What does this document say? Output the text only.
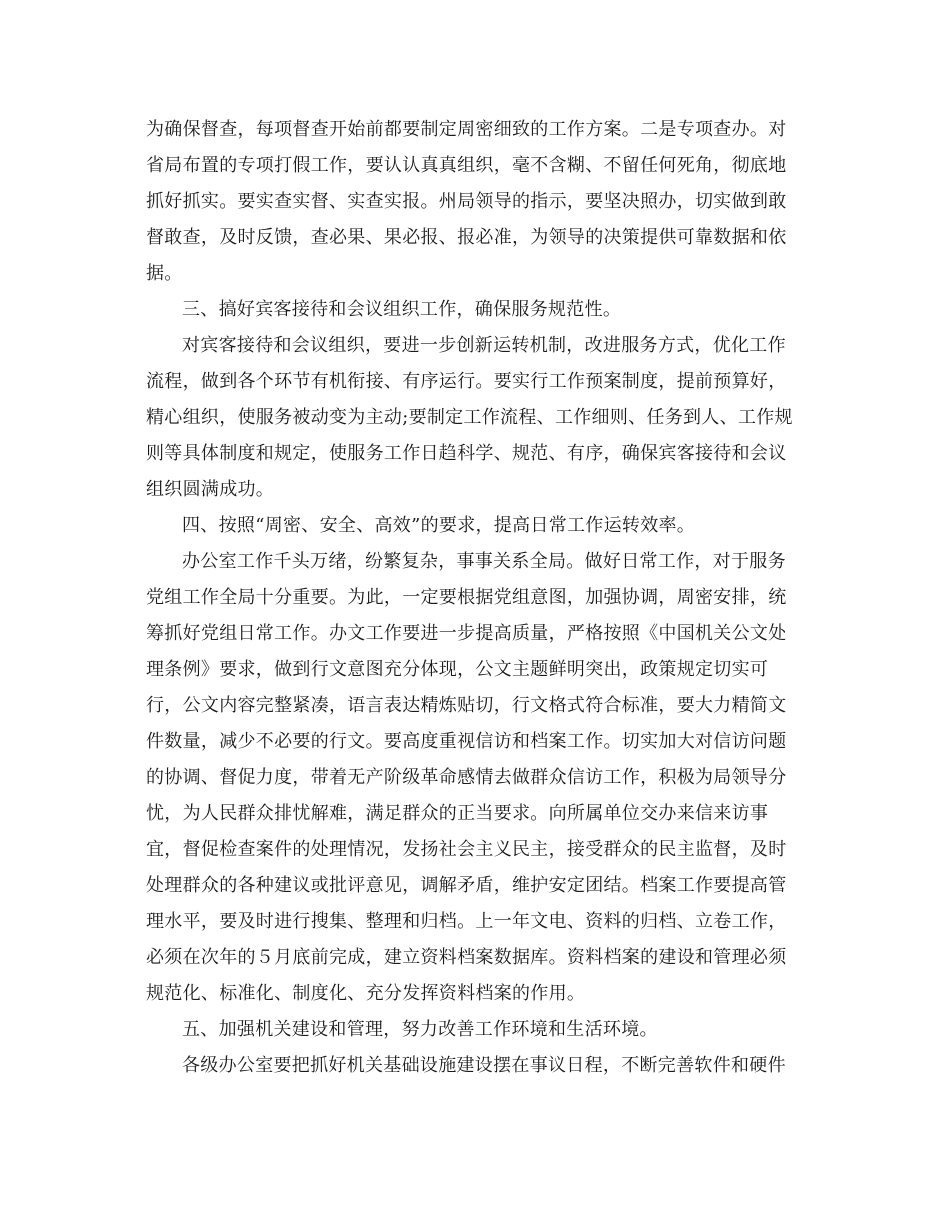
为确保督查，每项督查开始前都要制定周密细致的工作方案。二是专项查办。对
省局布置的专项打假工作，要认认真真组织，毫不含糊、不留任何死角，彻底地
抓好抓实。要实查实督、实查实报。州局领导的指示，要坚决照办，切实做到敢
督敢查，及时反馈，查必果、果必报、报必准，为领导的决策提供可靠数据和依
据。
三、搞好宾客接待和会议组织工作，确保服务规范性。
对宾客接待和会议组织，要进一步创新运转机制，改进服务方式，优化工作
流程，做到各个环节有机衔接、有序运行。要实行工作预案制度，提前预算好，
精心组织，使服务被动变为主动;要制定工作流程、工作细则、任务到人、工作规
则等具体制度和规定，使服务工作日趋科学、规范、有序，确保宾客接待和会议
组织圆满成功。
四、按照“周密、安全、高效”的要求，提高日常工作运转效率。
办公室工作千头万绪，纷繁复杂，事事关系全局。做好日常工作，对于服务
党组工作全局十分重要。为此，一定要根据党组意图，加强协调，周密安排，统
筹抓好党组日常工作。办文工作要进一步提高质量，严格按照《中国机关公文处
理条例》要求，做到行文意图充分体现，公文主题鲜明突出，政策规定切实可
行，公文内容完整紧凑，语言表达精炼贴切，行文格式符合标准，要大力精简文
件数量，减少不必要的行文。要高度重视信访和档案工作。切实加大对信访问题
的协调、督促力度，带着无产阶级革命感情去做群众信访工作，积极为局领导分
忧，为人民群众排忧解难，满足群众的正当要求。向所属单位交办来信来访事
宜，督促检查案件的处理情况，发扬社会主义民主，接受群众的民主监督，及时
处理群众的各种建议或批评意见，调解矛盾，维护安定团结。档案工作要提高管
理水平，要及时进行搜集、整理和归档。上一年文电、资料的归档、立卷工作，
必须在次年的５月底前完成，建立资料档案数据库。资料档案的建设和管理必须
规范化、标准化、制度化、充分发挥资料档案的作用。
五、加强机关建设和管理，努力改善工作环境和生活环境。
各级办公室要把抓好机关基础设施建设摆在事议日程，不断完善软件和硬件
